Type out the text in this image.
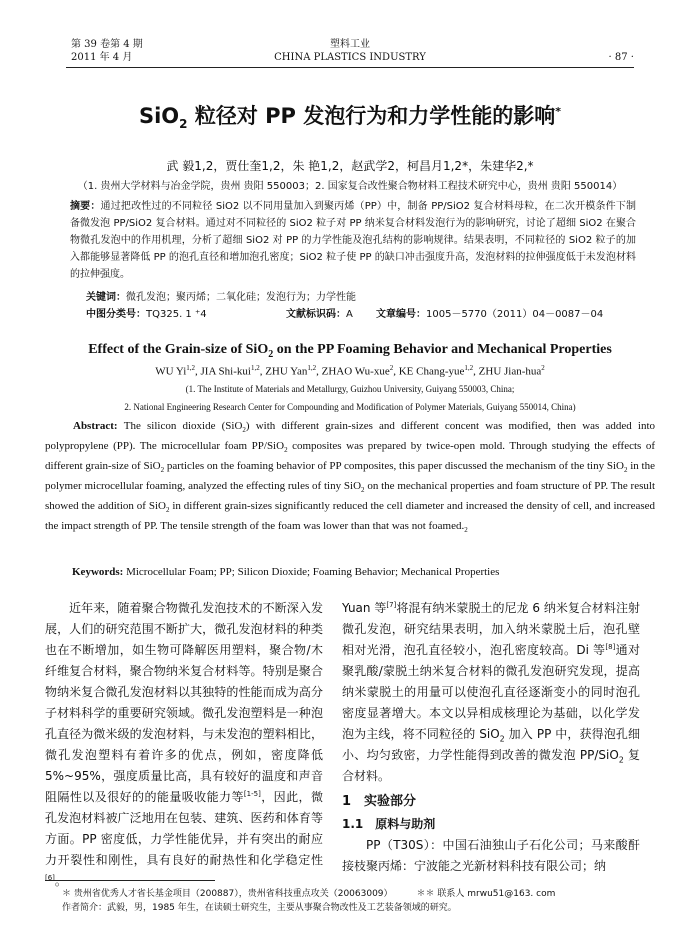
第 39 卷第 4 期
2011 年 4 月
塑料工业
CHINA PLASTICS INDUSTRY	· 87 ·
SiO$_2$ 粒径对 PP 发泡行为和力学性能的影响*
武 毅1,2，贾仕奎1,2，朱 艳1,2，赵武学2，柯昌月1,2*，朱建华2,*
（1. 贵州大学材料与冶金学院，贵州 贵阳 550003；2. 国家复合改性聚合物材料工程技术研究中心，贵州 贵阳 550014）
摘要：通过把改性过的不同粒径 SiO2 以不同用量加入到聚丙烯（PP）中，制备 PP/SiO2 复合材料母粒，在二次开模条件下制备微发泡 PP/SiO2 复合材料。通过对不同粒径的 SiO2 粒子对 PP 纳米复合材料发泡行为的影响研究，讨论了超细 SiO2 在聚合物微孔发泡中的作用机理，分析了超细 SiO2 对 PP 的力学性能及泡孔结构的影响规律。结果表明，不同粒径的 SiO2 粒子的加入都能够显著降低 PP 的泡孔直径和增加泡孔密度；SiO2 粒子使 PP 的缺口冲击强度升高，发泡材料的拉伸强度低于未发泡材料的拉伸强度。
关键词：微孔发泡；聚丙烯；二氧化硅；发泡行为；力学性能
中图分类号：TQ325. 1 ⁺4	文献标识码：A 文章编号：1005－5770（2011）04－0087－04
Effect of the Grain-size of SiO$_2$ on the PP Foaming Behavior and Mechanical Properties
WU Yi$^{1,2}$, JIA Shi-kui$^{1,2}$, ZHU Yan$^{1,2}$, ZHAO Wu-xue$^2$, KE Chang-yue$^{1,2}$, ZHU Jian-hua$^2$
(1. The Institute of Materials and Metallurgy, Guizhou University, Guiyang 550003, China;
2. National Engineering Research Center for Compounding and Modification of Polymer Materials, Guiyang 550014, China)
Abstract: The silicon dioxide (SiO$_2$) with different grain-sizes and different concent was modified, then was added into polypropylene (PP). The microcellular foam PP/SiO$_2$ composites was prepared by twice-open mold. Through studying the effects of different grain-size of SiO$_2$ particles on the foaming behavior of PP composites, this paper discussed the mechanism of the tiny SiO$_2$ in the polymer microcellular foaming, analyzed the effecting rules of tiny SiO$_2$ on the mechanical properties and foam structure of PP. The result showed the addition of SiO$_2$ in different grain-sizes significantly reduced the cell diameter and increased the density of cell, and increased the impact strength of PP. The tensile strength of the foam was lower than that was not $foamed._2$
Keywords: Microcellular Foam; PP; Silicon Dioxide; Foaming Behavior; Mechanical Properties

近年来，随着聚合物微孔发泡技术的不断深入发展，人们的研究范围不断扩大，微孔发泡材料的种类也在不断增加，如生物可降解医用塑料，聚合物/木纤维复合材料，聚合物纳米复合材料等。特别是聚合物纳米复合微孔发泡材料以其独特的性能而成为高分子材料科学的重要研究领域。微孔发泡塑料是一种泡孔直径为微米级的发泡材料，与未发泡的塑料相比，微孔发泡塑料有着许多的优点，例如，密度降低 5%~95%，强度质量比高，具有较好的温度和声音阻隔性以及很好的的能量吸收能力等[1-5]，因此，微孔发泡材料被广泛地用在包装、建筑、医药和体育等方面。PP 密度低，力学性能优异，并有突出的耐应力开裂性和刚性，具有良好的耐热性和化学稳定性[6]。

Yuan 等[7]将混有纳米蒙脱土的尼龙 6 纳米复合材料注射微孔发泡，研究结果表明，加入纳米蒙脱土后，泡孔壁相对光滑，泡孔直径较小，泡孔密度较高。Di 等[8]通对聚乳酸/蒙脱土纳米复合材料的微孔发泡研究发现，提高纳米蒙脱土的用量可以使泡孔直径逐渐变小的同时泡孔密度显著增大。本文以异相成核理论为基础，以化学发泡为主线，将不同粒径的 SiO$_2$ 加入 PP 中，获得泡孔细小、均匀致密，力学性能得到改善的微发泡 PP/SiO$_2$ 复合材料。

1　实验部分
1.1　原料与助剂

PP（T30S）：中国石油独山子石化公司；马来酸酐接枝聚丙烯：宁波能之光新材料科技有限公司；纳

＊ 贵州省优秀人才省长基金项目（200887），贵州省科技重点攻关（20063009）	＊＊ 联系人 mrwu51@163. com
作者简介：武毅，男，1985 年生，在读硕士研究生，主要从事聚合物改性及工艺装备领域的研究。
